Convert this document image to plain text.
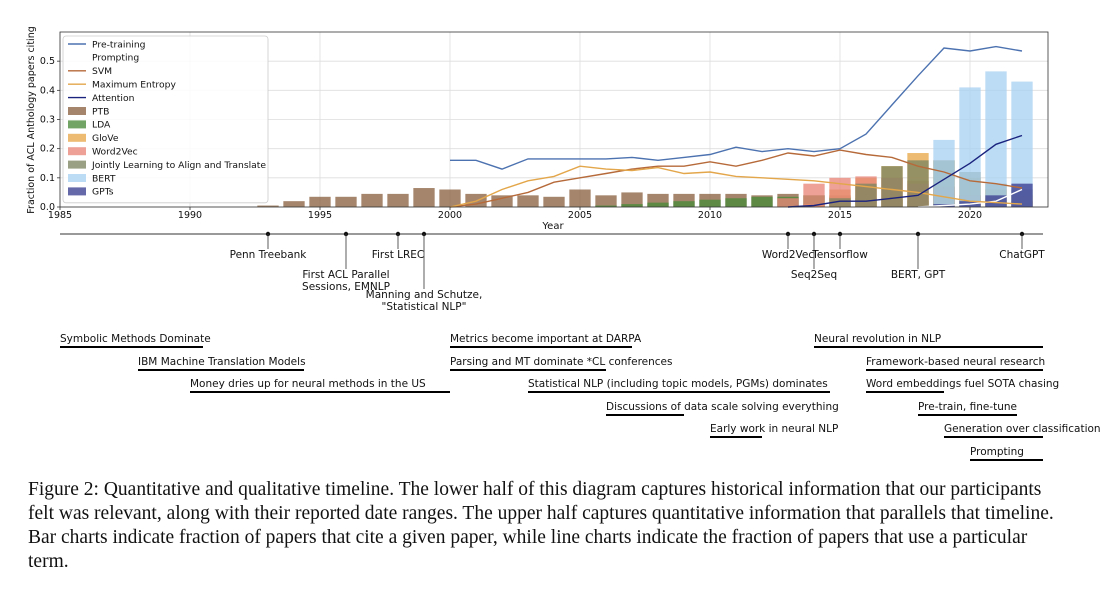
Fraction of ACL Anthology papers citing
Year
1985	1990	1995	2000	2005	2010	2015	2020
0.0
0.1
0.2
0.3
0.4
0.5
Pre-training
Prompting
SVM
Maximum Entropy
Attention
PTB
LDA
GloVe
Word2Vec
Jointly Learning to Align and Translate
BERT
GPTs
Penn Treebank
First ACL Parallel
Sessions, EMNLP
First LREC
Manning and Schutze,
"Statistical NLP"
Word2Vec
Seq2Seq
Tensorflow
BERT, GPT
ChatGPT
Symbolic Methods Dominate
IBM Machine Translation Models
Money dries up for neural methods in the US
Metrics become important at DARPA
Parsing and MT dominate *CL conferences
Statistical NLP (including topic models, PGMs) dominates
Discussions of data scale solving everything
Early work in neural NLP
Neural revolution in NLP
Framework-based neural research
Word embeddings fuel SOTA chasing
Pre-train, fine-tune
Generation over classification
Prompting
Figure 2: Quantitative and qualitative timeline. The lower half of this diagram captures historical information that our participants felt was relevant, along with their reported date ranges. The upper half captures quantitative information that parallels that timeline. Bar charts indicate fraction of papers that cite a given paper, while line charts indicate the fraction of papers that use a particular term.
